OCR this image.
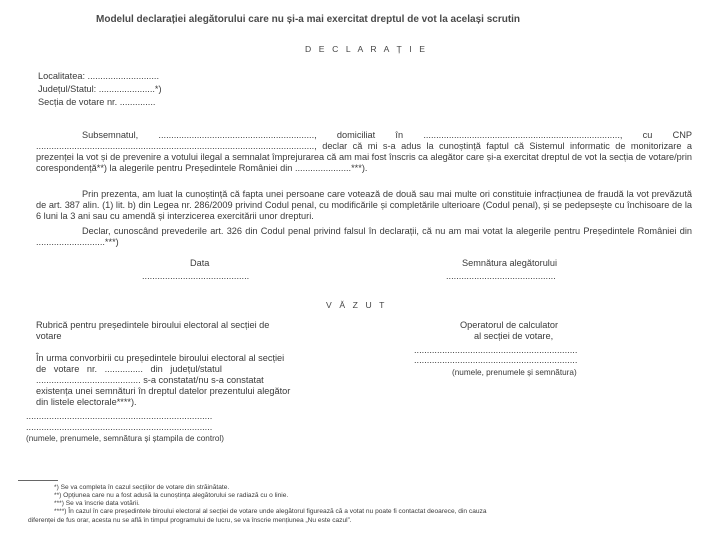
Modelul declarației alegătorului care nu și-a mai exercitat dreptul de vot la același scrutin
D E C L A R A Ț I E
Localitatea: ............................
Județul/Statul: ......................*)
Secția de votare nr. ..............

Subsemnatul, ............................................................., domiciliat în ............................................................................., cu CNP ............................................................................................................., declar că mi s-a adus la cunoștință faptul că Sistemul informatic de monitorizare a prezenței la vot și de prevenire a votului ilegal a semnalat împrejurarea că am mai fost înscris ca alegător care și-a exercitat dreptul de vot la secția de votare/prin corespondență**) la alegerile pentru Președintele României din ......................***).

Prin prezenta, am luat la cunoștință că fapta unei persoane care votează de două sau mai multe ori constituie infracțiunea de fraudă la vot prevăzută de art. 387 alin. (1) lit. b) din Legea nr. 286/2009 privind Codul penal, cu modificările și completările ulterioare (Codul penal), și se pedepsește cu închisoare de la 6 luni la 3 ani sau cu amendă și interzicerea exercitării unor drepturi.

Declar, cunoscând prevederile art. 326 din Codul penal privind falsul în declarații, că nu am mai votat la alegerile pentru Președintele României din ...........................***)

Data
..........................................
Semnătura alegătorului
...........................................
V Ă Z U T
Rubrică pentru președintele biroului electoral al secției de
votare
În urma convorbirii cu președintele biroului electoral al secției
de votare nr. ............... din județul/statul
......................................... s-a constatat/nu s-a constatat
existența unei semnături în dreptul datelor prezentului alegător
din listele electorale****).
.........................................................................
.........................................................................
(numele, prenumele, semnătura și ștampila de control)
Operatorul de calculator
al secției de votare,
................................................................
................................................................
(numele, prenumele și semnătura)
*) Se va completa în cazul secțiilor de votare din străinătate.
**) Opțiunea care nu a fost adusă la cunoștința alegătorului se radiază cu o linie.
***) Se va înscrie data votării.
****) În cazul în care președintele biroului electoral al secției de votare unde alegătorul figurează că a votat nu poate fi contactat deoarece, din cauza
diferenței de fus orar, acesta nu se află în timpul programului de lucru, se va înscrie mențiunea „Nu este cazul”.
